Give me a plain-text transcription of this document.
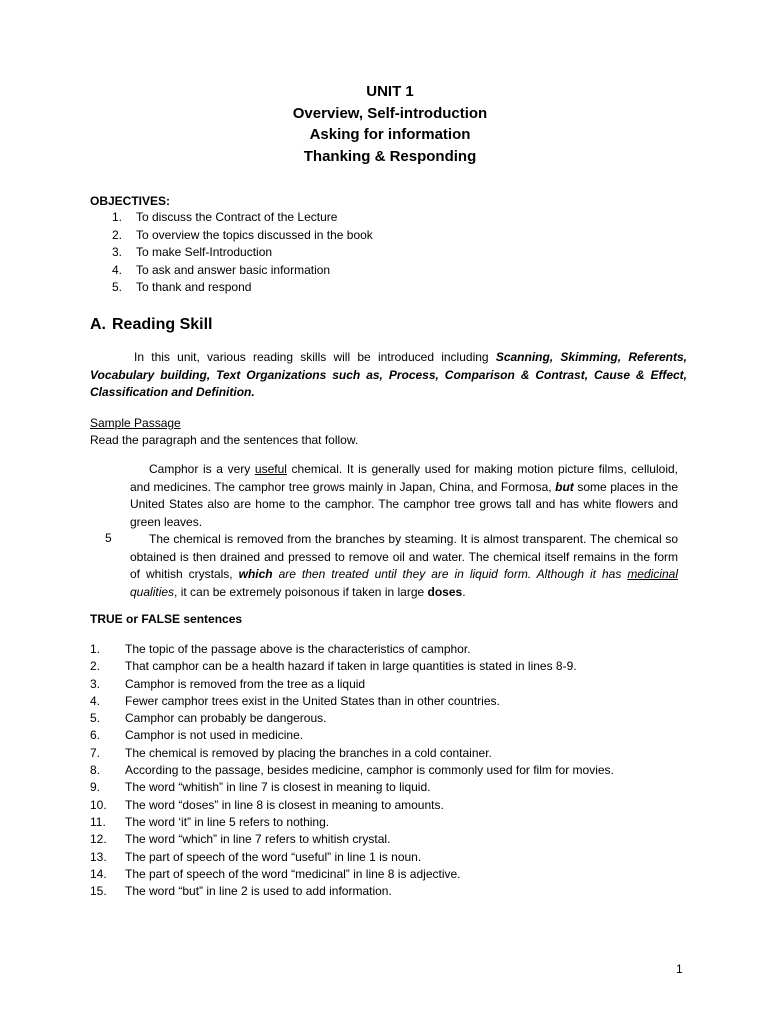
UNIT 1
Overview, Self-introduction
Asking for information
Thanking & Responding
OBJECTIVES:
1. To discuss the Contract of the Lecture
2. To overview the topics discussed in the book
3. To make Self-Introduction
4. To ask and answer basic information
5. To thank and respond
A. Reading Skill
In this unit, various reading skills will be introduced including Scanning, Skimming, Referents, Vocabulary building, Text Organizations such as, Process, Comparison & Contrast, Cause & Effect, Classification and Definition.
Sample Passage
Read the paragraph and the sentences that follow.
5

Camphor is a very useful chemical. It is generally used for making motion picture films, celluloid, and medicines. The camphor tree grows mainly in Japan, China, and Formosa, but some places in the United States also are home to the camphor. The camphor tree grows tall and has white flowers and green leaves.

The chemical is removed from the branches by steaming. It is almost transparent. The chemical so obtained is then drained and pressed to remove oil and water. The chemical itself remains in the form of whitish crystals, which are then treated until they are in liquid form. Although it has medicinal qualities, it can be extremely poisonous if taken in large doses.

TRUE or FALSE sentences
1. The topic of the passage above is the characteristics of camphor.
2. That camphor can be a health hazard if taken in large quantities is stated in lines 8-9.
3. Camphor is removed from the tree as a liquid
4. Fewer camphor trees exist in the United States than in other countries.
5. Camphor can probably be dangerous.
6. Camphor is not used in medicine.
7. The chemical is removed by placing the branches in a cold container.
8. According to the passage, besides medicine, camphor is commonly used for film for movies.
9. The word “whitish” in line 7 is closest in meaning to liquid.
10. The word “doses” in line 8 is closest in meaning to amounts.
11. The word ‘it” in line 5 refers to nothing.
12. The word “which” in line 7 refers to whitish crystal.
13. The part of speech of the word “useful” in line 1 is noun.
14. The part of speech of the word “medicinal” in line 8 is adjective.
15. The word “but” in line 2 is used to add information.
1
